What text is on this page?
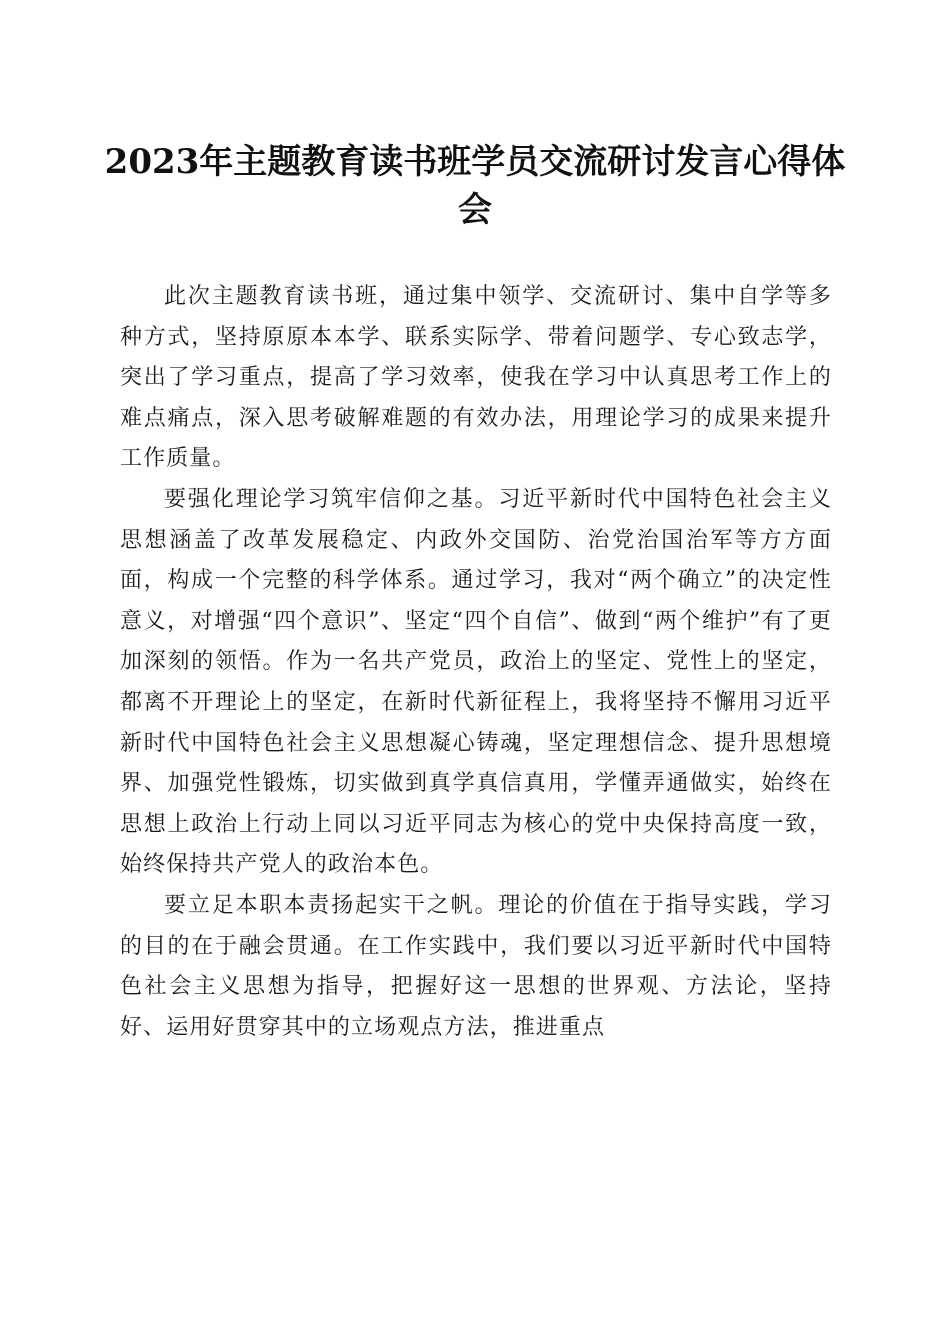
2023年主题教育读书班学员交流研讨发言心得体会

此次主题教育读书班，通过集中领学、交流研讨、集中自学等多种方式，坚持原原本本学、联系实际学、带着问题学、专心致志学，突出了学习重点，提高了学习效率，使我在学习中认真思考工作上的难点痛点，深入思考破解难题的有效办法，用理论学习的成果来提升工作质量。

要强化理论学习筑牢信仰之基。习近平新时代中国特色社会主义思想涵盖了改革发展稳定、内政外交国防、治党治国治军等方方面面，构成一个完整的科学体系。通过学习，我对“两个确立”的决定性意义，对增强“四个意识”、坚定“四个自信”、做到“两个维护”有了更加深刻的领悟。作为一名共产党员，政治上的坚定、党性上的坚定，都离不开理论上的坚定，在新时代新征程上，我将坚持不懈用习近平新时代中国特色社会主义思想凝心铸魂，坚定理想信念、提升思想境界、加强党性锻炼，切实做到真学真信真用，学懂弄通做实，始终在思想上政治上行动上同以习近平同志为核心的党中央保持高度一致，始终保持共产党人的政治本色。

要立足本职本责扬起实干之帆。理论的价值在于指导实践，学习的目的在于融会贯通。在工作实践中，我们要以习近平新时代中国特色社会主义思想为指导，把握好这一思想的世界观、方法论，坚持好、运用好贯穿其中的立场观点方法，推进重点
